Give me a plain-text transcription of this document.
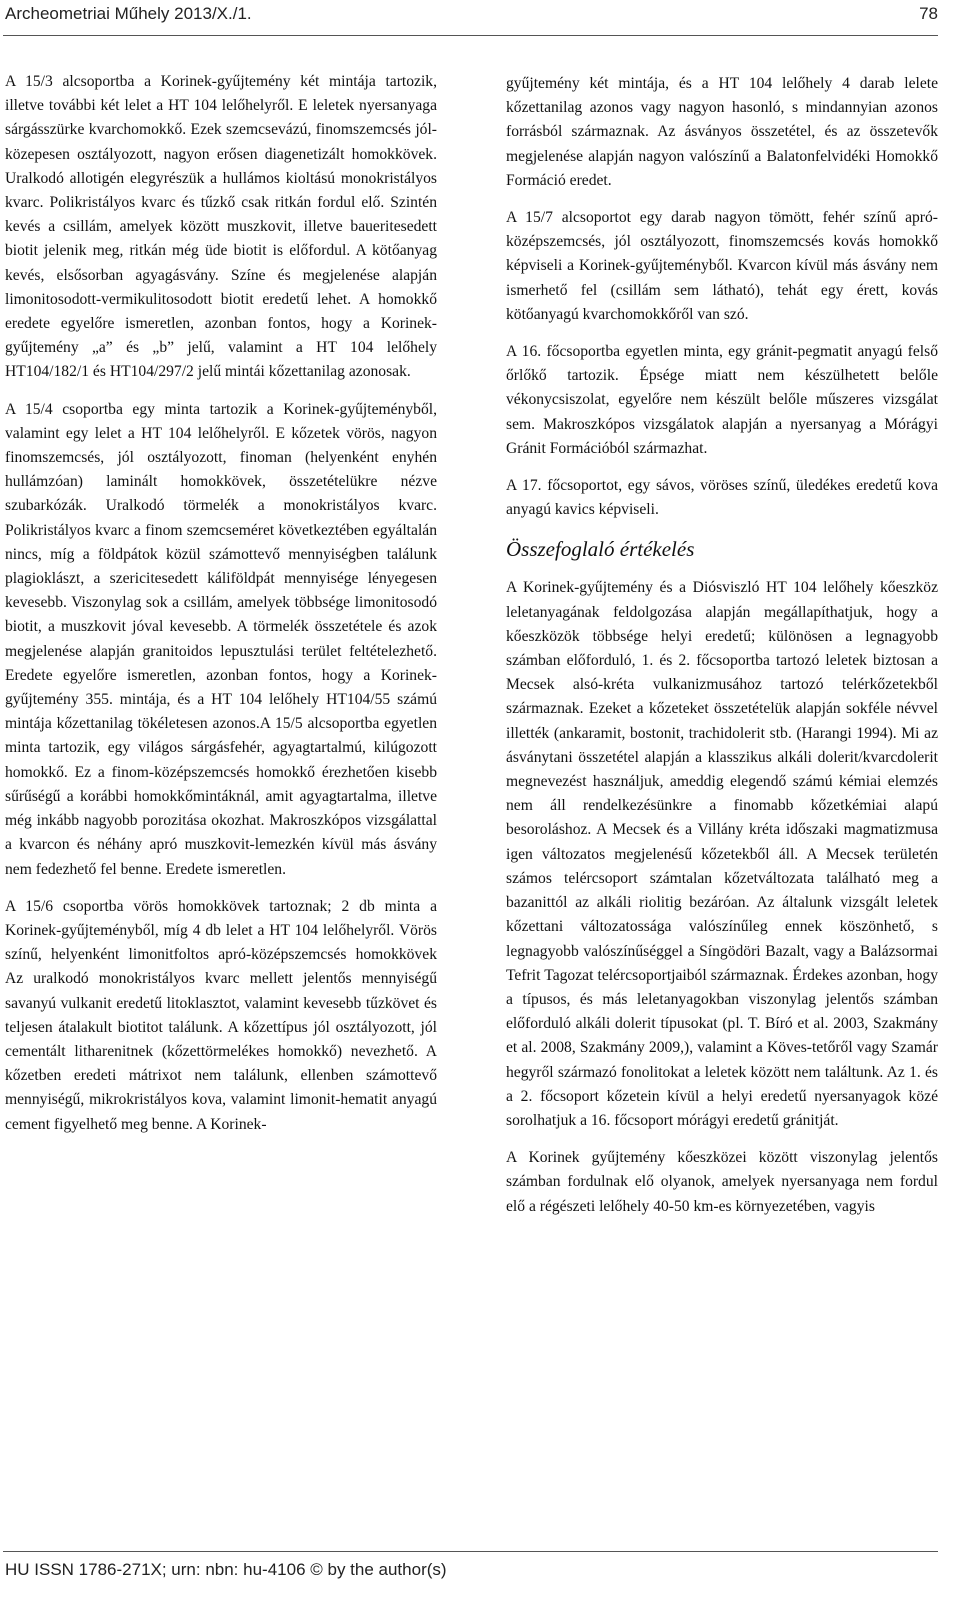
Archeometriai Műhely 2013/X./1.	78

A 15/3 alcsoportba a Korinek-gyűjtemény két mintája tartozik, illetve további két lelet a HT 104 lelőhelyről. E leletek nyersanyaga sárgásszürke kvarchomokkő. Ezek szemcsevázú, finomszemcsés jól-közepesen osztályozott, nagyon erősen diagenetizált homokkövek. Uralkodó allotigén elegyrészük a hullámos kioltású monokristályos kvarc. Polikristályos kvarc és tűzkő csak ritkán fordul elő. Szintén kevés a csillám, amelyek között muszkovit, illetve baueritesedett biotit jelenik meg, ritkán még üde biotit is előfordul. A kötőanyag kevés, elsősorban agyagásvány. Színe és megjelenése alapján limonitosodott-vermikulitosodott biotit eredetű lehet. A homokkő eredete egyelőre ismeretlen, azonban fontos, hogy a Korinek-gyűjtemény „a” és „b” jelű, valamint a HT 104 lelőhely HT104/182/1 és HT104/297/2 jelű mintái kőzettanilag azonosak.

A 15/4 csoportba egy minta tartozik a Korinek-gyűjteményből, valamint egy lelet a HT 104 lelőhelyről. E kőzetek vörös, nagyon finomszemcsés, jól osztályozott, finoman (helyenként enyhén hullámzóan) laminált homokkövek, összetételükre nézve szubarkózák. Uralkodó törmelék a monokristályos kvarc. Polikristályos kvarc a finom szemcseméret következtében egyáltalán nincs, míg a földpátok közül számottevő mennyiségben találunk plagioklászt, a szericitesedett káliföldpát mennyisége lényegesen kevesebb. Viszonylag sok a csillám, amelyek többsége limonitosodó biotit, a muszkovit jóval kevesebb. A törmelék összetétele és azok megjelenése alapján granitoidos lepusztulási terület feltételezhető. Eredete egyelőre ismeretlen, azonban fontos, hogy a Korinek-gyűjtemény 355. mintája, és a HT 104 lelőhely HT104/55 számú mintája kőzettanilag tökéletesen azonos.A 15/5 alcsoportba egyetlen minta tartozik, egy világos sárgásfehér, agyagtartalmú, kilúgozott homokkő. Ez a finom-középszemcsés homokkő érezhetően kisebb sűrűségű a korábbi homokkőmintáknál, amit agyagtartalma, illetve még inkább nagyobb porozitása okozhat. Makroszkópos vizsgálattal a kvarcon és néhány apró muszkovit-lemezkén kívül más ásvány nem fedezhető fel benne. Eredete ismeretlen.

A 15/6 csoportba vörös homokkövek tartoznak; 2 db minta a Korinek-gyűjteményből, míg 4 db lelet a HT 104 lelőhelyről. Vörös színű, helyenként limonitfoltos apró-középszemcsés homokkövek Az uralkodó monokristályos kvarc mellett jelentős mennyiségű savanyú vulkanit eredetű litoklasztot, valamint kevesebb tűzkövet és teljesen átalakult biotitot találunk. A kőzettípus jól osztályozott, jól cementált litharenitnek (kőzettörmelékes homokkő) nevezhető. A kőzetben eredeti mátrixot nem találunk, ellenben számottevő mennyiségű, mikrokristályos kova, valamint limonit-hematit anyagú cement figyelhető meg benne. A Korinek-

gyűjtemény két mintája, és a HT 104 lelőhely 4 darab lelete kőzettanilag azonos vagy nagyon hasonló, s mindannyian azonos forrásból származnak. Az ásványos összetétel, és az összetevők megjelenése alapján nagyon valószínű a Balatonfelvidéki Homokkő Formáció eredet.

A 15/7 alcsoportot egy darab nagyon tömött, fehér színű apró-középszemcsés, jól osztályozott, finomszemcsés kovás homokkő képviseli a Korinek-gyűjteményből. Kvarcon kívül más ásvány nem ismerhető fel (csillám sem látható), tehát egy érett, kovás kötőanyagú kvarchomokkőről van szó.

A 16. főcsoportba egyetlen minta, egy gránit-pegmatit anyagú felső őrlőkő tartozik. Épsége miatt nem készülhetett belőle vékonycsiszolat, egyelőre nem készült belőle műszeres vizsgálat sem. Makroszkópos vizsgálatok alapján a nyersanyag a Mórágyi Gránit Formációból származhat.

A 17. főcsoportot, egy sávos, vöröses színű, üledékes eredetű kova anyagú kavics képviseli.

Összefoglaló értékelés

A Korinek-gyűjtemény és a Diósviszló HT 104 lelőhely kőeszköz leletanyagának feldolgozása alapján megállapíthatjuk, hogy a kőeszközök többsége helyi eredetű; különösen a legnagyobb számban előforduló, 1. és 2. főcsoportba tartozó leletek biztosan a Mecsek alsó-kréta vulkanizmusához tartozó telérkőzetekből származnak. Ezeket a kőzeteket összetételük alapján sokféle névvel illették (ankaramit, bostonit, trachidolerit stb. (Harangi 1994). Mi az ásványtani összetétel alapján a klasszikus alkáli dolerit/kvarcdolerit megnevezést használjuk, ameddig elegendő számú kémiai elemzés nem áll rendelkezésünkre a finomabb kőzetkémiai alapú besoroláshoz. A Mecsek és a Villány kréta időszaki magmatizmusa igen változatos megjelenésű kőzetekből áll. A Mecsek területén számos telércsoport számtalan kőzetváltozata található meg a bazanittól az alkáli riolitig bezáróan. Az általunk vizsgált leletek kőzettani változatossága valószínűleg ennek köszönhető, s legnagyobb valószínűséggel a Síngödöri Bazalt, vagy a Balázsormai Tefrit Tagozat telércsoportjaiból származnak. Érdekes azonban, hogy a típusos, és más leletanyagokban viszonylag jelentős számban előforduló alkáli dolerit típusokat (pl. T. Bíró et al. 2003, Szakmány et al. 2008, Szakmány 2009,), valamint a Köves-tetőről vagy Szamár hegyről származó fonolitokat a leletek között nem találtunk. Az 1. és a 2. főcsoport kőzetein kívül a helyi eredetű nyersanyagok közé sorolhatjuk a 16. főcsoport mórágyi eredetű gránitját.

A Korinek gyűjtemény kőeszközei között viszonylag jelentős számban fordulnak elő olyanok, amelyek nyersanyaga nem fordul elő a régészeti lelőhely 40-50 km-es környezetében, vagyis

HU ISSN 1786-271X; urn: nbn: hu-4106 © by the author(s)
